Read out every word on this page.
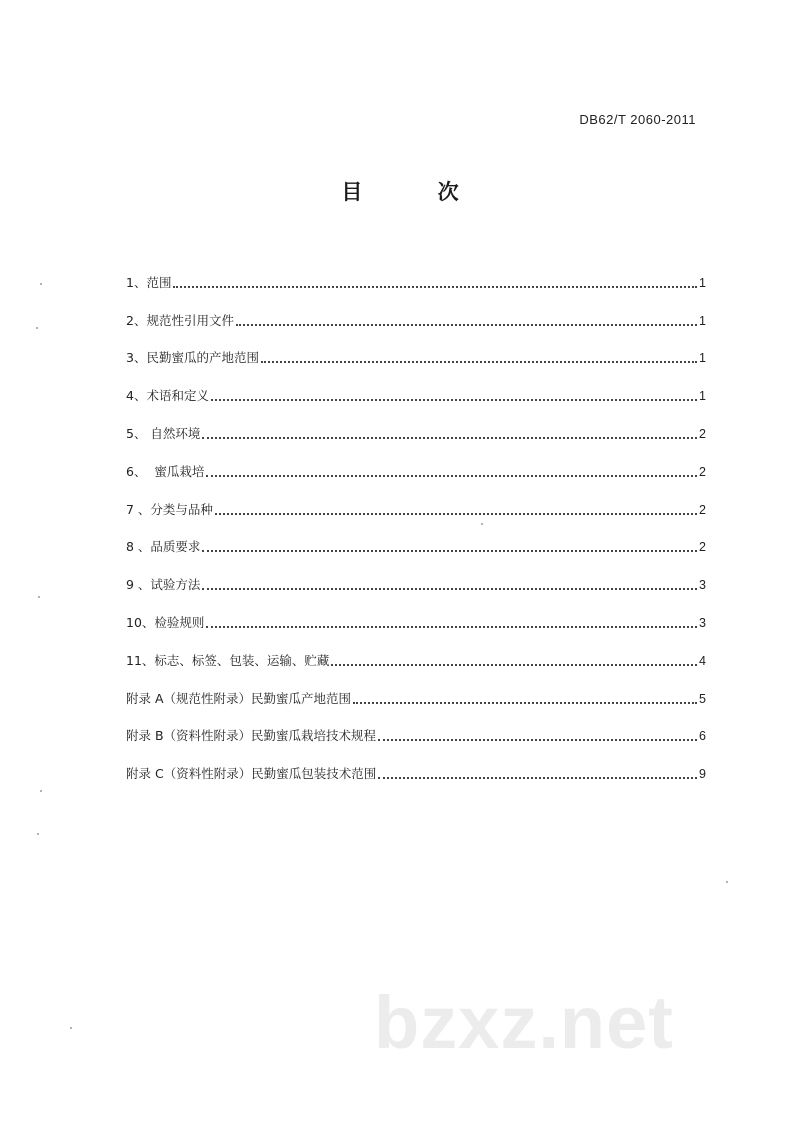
DB62/T 2060-2011
目 次
1、范围	1
2、规范性引用文件	1
3、民勤蜜瓜的产地范围	1
4、术语和定义	1
5、 自然环境	2
6、  蜜瓜栽培	2
7 、分类与品种	2
8 、品质要求	2
9 、试验方法	3
10、检验规则	3
11、标志、标签、包装、运输、贮藏	4
附录 A（规范性附录）民勤蜜瓜产地范围	5
附录 B（资料性附录）民勤蜜瓜栽培技术规程	6
附录 C（资料性附录）民勤蜜瓜包装技术范围	9
bzxz.net
